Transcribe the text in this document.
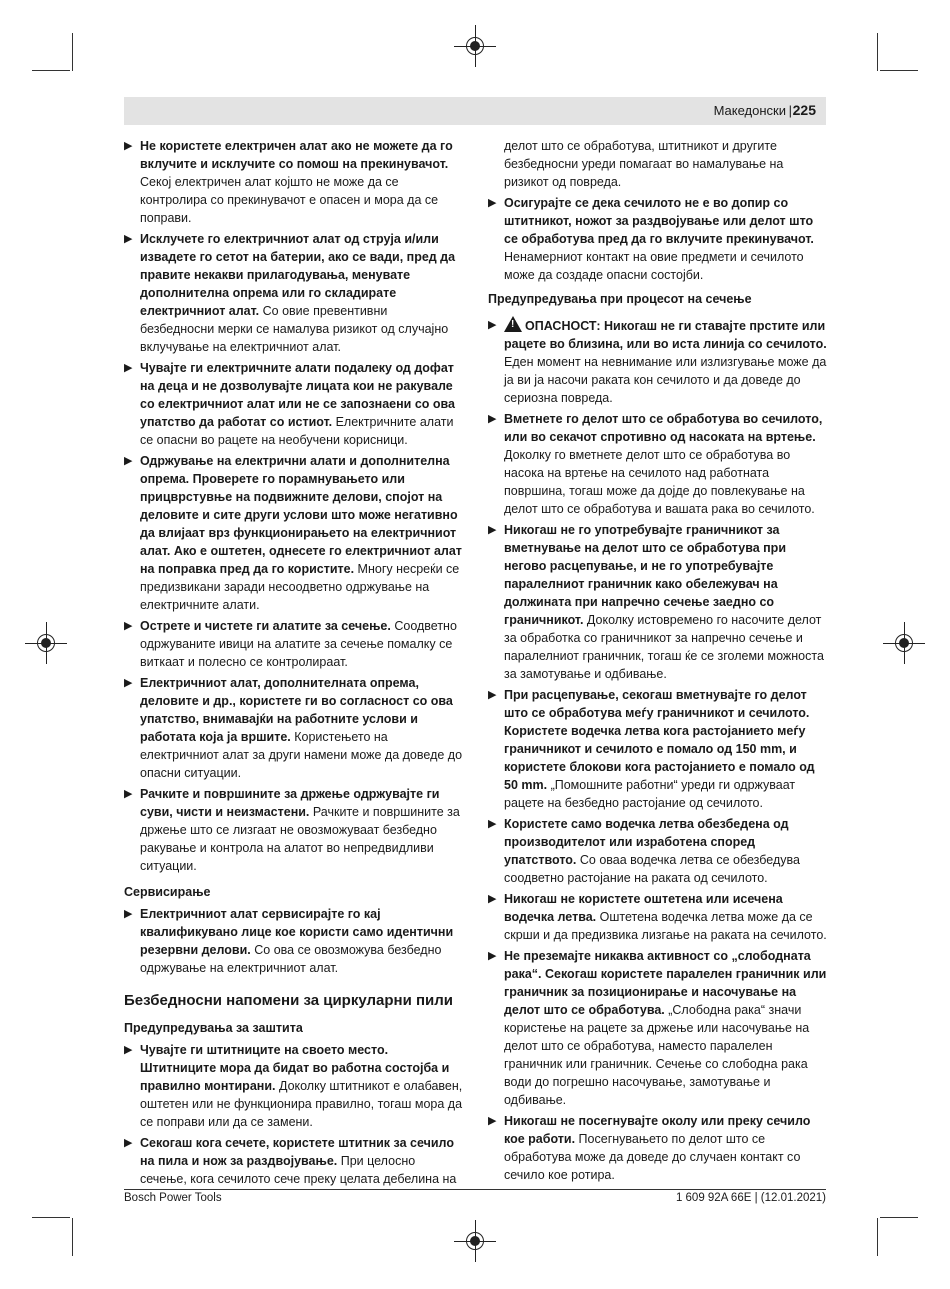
Македонски | 225
▶ Не користете електричен алат ако не можете да го вклучите и исклучите со помош на прекинувачот. Секој електричен алат којшто не може да се контролира со прекинувачот е опасен и мора да се поправи.
▶ Исклучете го електричниот алат од струја и/или извадете го сетот на батерии, ако се вади, пред да правите некакви прилагодувања, менувате дополнителна опрема или го складирате електричниот алат. Со овие превентивни безбедносни мерки се намалува ризикот од случајно вклучување на електричниот алат.
▶ Чувајте ги електричните алати подалеку од дофат на деца и не дозволувајте лицата кои не ракувале со електричниот алат или не се запознаени со ова упатство да работат со истиот. Електричните алати се опасни во рацете на необучени корисници.
▶ Одржување на електрични алати и дополнителна опрема. Проверете го порамнувањето или прицврстувње на подвижните делови, спојот на деловите и сите други услови што може негативно да влијаат врз функционирањето на електричниот алат. Ако е оштетен, однесете го електричниот алат на поправка пред да го користите. Многу несреќи се предизвикани заради несоодветно одржување на електричните алати.
▶ Острете и чистете ги алатите за сечење. Соодветно одржуваните ивици на алатите за сечење помалку се виткаат и полесно се контролираат.
▶ Електричниот алат, дополнителната опрема, деловите и др., користете ги во согласност со ова упатство, внимавајќи на работните услови и работата која ја вршите. Користењето на електричниот алат за други намени може да доведе до опасни ситуации.
▶ Рачките и површините за држење одржувајте ги суви, чисти и неизмастени. Рачките и површините за држење што се лизгаат не овозможуваат безбедно ракување и контрола на алатот во непредвидливи ситуации.
Сервисирање
▶ Електричниот алат сервисирајте го кај квалификувано лице кое користи само идентични резервни делови. Со ова се овозможува безбедно одржување на електричниот алат.
Безбедносни напомени за циркуларни пили
Предупредувања за заштита
▶ Чувајте ги штитниците на своето место. Штитниците мора да бидат во работна состојба и правилно монтирани. Доколку штитникот е олабавен, оштетен или не функционира правилно, тогаш мора да се поправи или да се замени.
▶ Секогаш кога сечете, користете штитник за сечило на пила и нож за раздвојување. При целосно сечење, кога сечилото сече преку целата дебелина на
делот што се обработува, штитникот и другите безбедносни уреди помагаат во намалување на ризикот од повреда.
▶ Осигурајте се дека сечилото не е во допир со штитникот, ножот за раздвојување или делот што се обработува пред да го вклучите прекинувачот. Ненамерниот контакт на овие предмети и сечилото може да создаде опасни состојби.
Предупредувања при процесот на сечење
▶
! ОПАСНОСТ: Никогаш не ги ставајте прстите или рацете во близина, или во иста линија со сечилото. Еден момент на невнимание или излизгување може да ја ви ја насочи раката кон сечилото и да доведе до сериозна повреда.
▶ Вметнете го делот што се обработува во сечилото, или во секачот спротивно од насоката на вртење. Доколку го вметнете делот што се обработува во насока на вртење на сечилото над работната површина, тогаш може да дојде до повлекување на делот што се обработува и вашата рака во сечилото.
▶ Никогаш не го употребувајте граничникот за вметнување на делот што се обработува при негово расцепување, и не го употребувајте паралелниот граничник како обележувач на должината при напречно сечење заедно со граничникот. Доколку истовремено го насочите делот за обработка со граничникот за напречно сечење и паралелниот граничник, тогаш ќе се зголеми можноста за замотување и одбивање.
▶ При расцепување, секогаш вметнувајте го делот што се обработува меѓу граничникот и сечилото. Користете водечка летва кога растојанието меѓу граничникот и сечилото е помало од 150 mm, и користете блокови кога растојанието е помало од 50 mm. „Помошните работни“ уреди ги одржуваат рацете на безбедно растојание од сечилото.
▶ Користете само водечка летва обезбедена од производителот или изработена според упатството. Со оваа водечка летва се обезбедува соодветно растојание на раката од сечилото.
▶ Никогаш не користете оштетена или исечена водечка летва. Оштетена водечка летва може да се скрши и да предизвика лизгање на раката на сечилото.
▶ Не преземајте никаква активност со „слободната рака“. Секогаш користете паралелен граничник или граничник за позиционирање и насочување на делот што се обработува. „Слободна рака“ значи користење на рацете за држење или насочување на делот што се обработува, наместо паралелен граничник или граничник. Сечење со слободна рака води до погрешно насочување, замотување и одбивање.
▶ Никогаш не посегнувајте околу или преку сечило кое работи. Посегнувањето по делот што се обработува може да доведе до случаен контакт со сечило кое ротира.
Bosch Power Tools	1 609 92A 66E | (12.01.2021)
